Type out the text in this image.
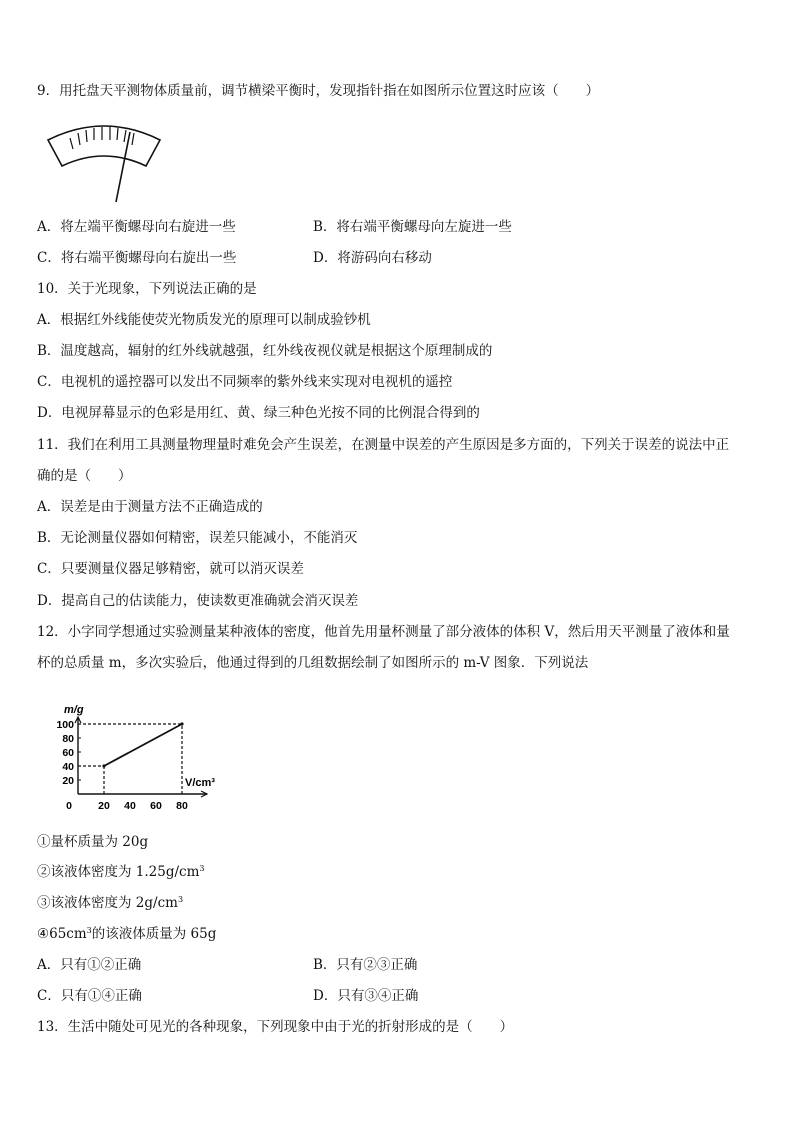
9．用托盘天平测物体质量前，调节横梁平衡时，发现指针指在如图所示位置这时应该（　　）
A．将左端平衡螺母向右旋进一些	B．将右端平衡螺母向左旋进一些
C．将右端平衡螺母向右旋出一些	D．将游码向右移动
10．关于光现象，下列说法正确的是
A．根据红外线能使荧光物质发光的原理可以制成验钞机
B．温度越高，辐射的红外线就越强，红外线夜视仪就是根据这个原理制成的
C．电视机的遥控器可以发出不同频率的紫外线来实现对电视机的遥控
D．电视屏幕显示的色彩是用红、黄、绿三种色光按不同的比例混合得到的
11．我们在利用工具测量物理量时难免会产生误差，在测量中误差的产生原因是多方面的，下列关于误差的说法中正
确的是（　　）
A．误差是由于测量方法不正确造成的
B．无论测量仪器如何精密，误差只能减小，不能消灭
C．只要测量仪器足够精密，就可以消灭误差
D．提高自己的估读能力，使读数更准确就会消灭误差
12．小字同学想通过实验测量某种液体的密度，他首先用量杯测量了部分液体的体积 V，然后用天平测量了液体和量
杯的总质量 m，多次实验后，他通过得到的几组数据绘制了如图所示的 m-V 图象．下列说法
m/g
V/cm³
20
40
60
80
100
0 20 40 60 80
①量杯质量为 20g
②该液体密度为 $1.25g/cm^3$
③该液体密度为 $2g/cm^3$
$④65cm^3$的该液体质量为 65g
A．只有①②正确	B．只有②③正确
C．只有①④正确	D．只有③④正确
13．生活中随处可见光的各种现象，下列现象中由于光的折射形成的是（　　）
